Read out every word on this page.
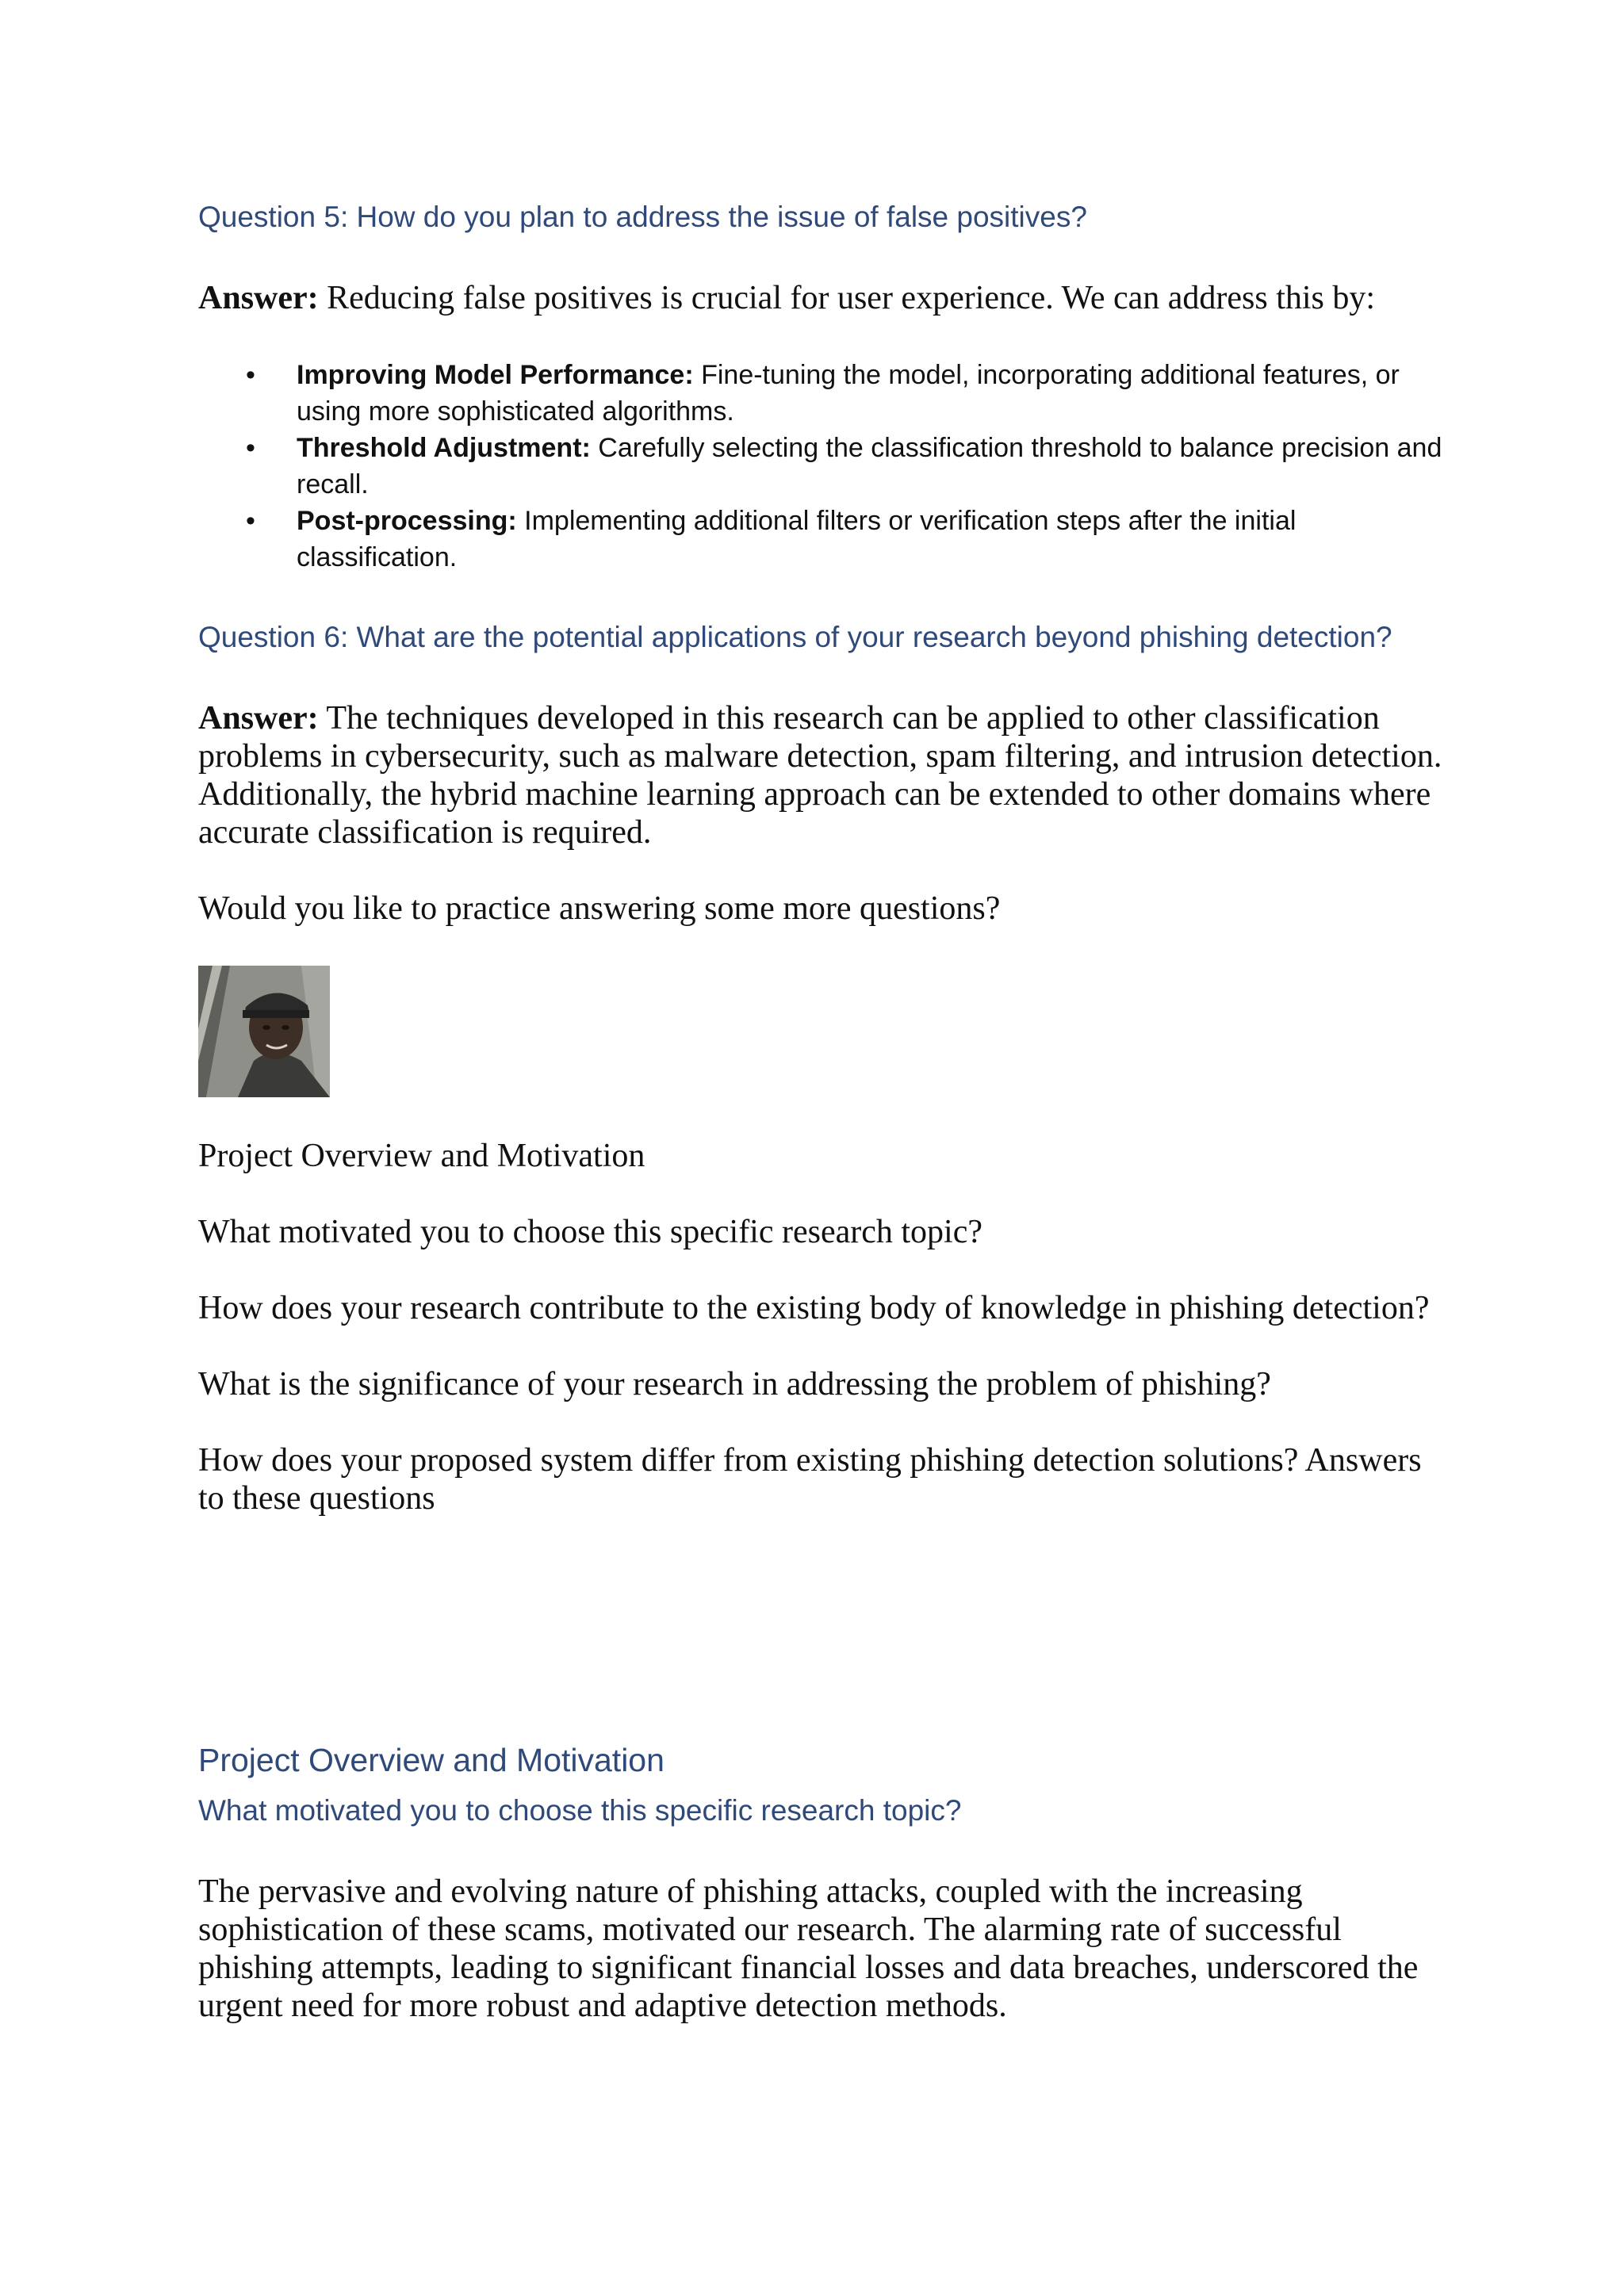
Question 5: How do you plan to address the issue of false positives?

Answer: Reducing false positives is crucial for user experience. We can address this by:

• Improving Model Performance: Fine-tuning the model, incorporating additional features, or using more sophisticated algorithms.
• Threshold Adjustment: Carefully selecting the classification threshold to balance precision and recall.
• Post-processing: Implementing additional filters or verification steps after the initial classification.
Question 6: What are the potential applications of your research beyond phishing detection?

Answer: The techniques developed in this research can be applied to other classification problems in cybersecurity, such as malware detection, spam filtering, and intrusion detection. Additionally, the hybrid machine learning approach can be extended to other domains where accurate classification is required.

Would you like to practice answering some more questions?

Project Overview and Motivation

What motivated you to choose this specific research topic?

How does your research contribute to the existing body of knowledge in phishing detection?

What is the significance of your research in addressing the problem of phishing?

How does your proposed system differ from existing phishing detection solutions? Answers to these questions

Project Overview and Motivation
What motivated you to choose this specific research topic?

The pervasive and evolving nature of phishing attacks, coupled with the increasing sophistication of these scams, motivated our research. The alarming rate of successful phishing attempts, leading to significant financial losses and data breaches, underscored the urgent need for more robust and adaptive detection methods.
